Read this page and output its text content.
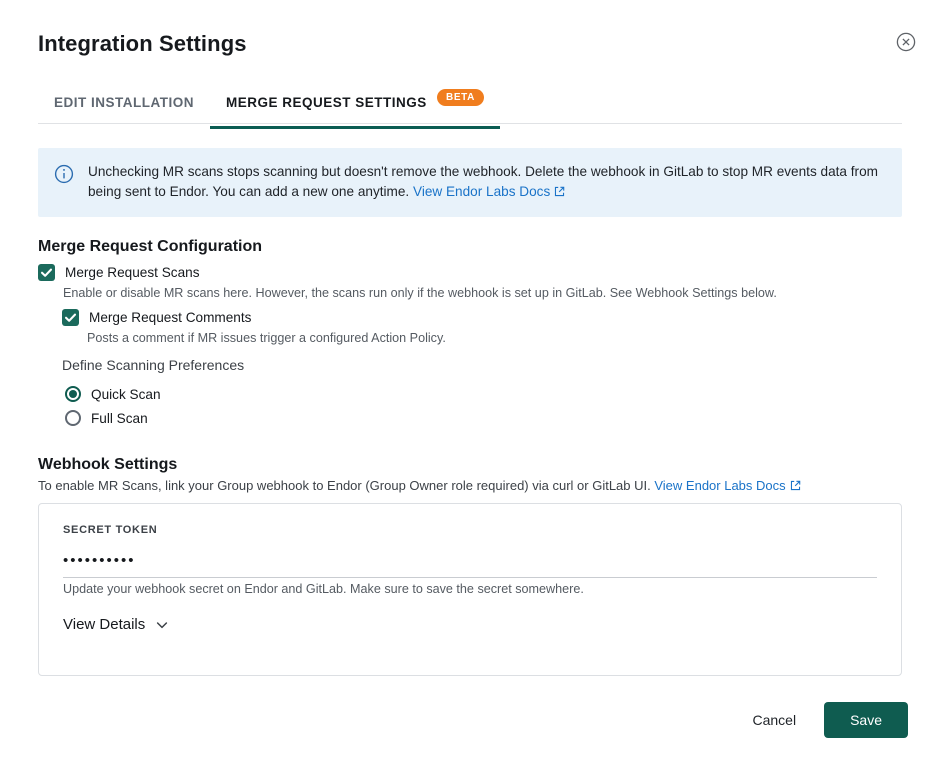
Integration Settings
EDIT INSTALLATION	MERGE REQUEST SETTINGS BETA
Unchecking MR scans stops scanning but doesn't remove the webhook. Delete the webhook in GitLab to stop MR events data from being sent to Endor. You can add a new one anytime. View Endor Labs Docs
Merge Request Configuration
Merge Request Scans
Enable or disable MR scans here. However, the scans run only if the webhook is set up in GitLab. See Webhook Settings below.
Merge Request Comments
Posts a comment if MR issues trigger a configured Action Policy.
Define Scanning Preferences
Quick Scan
Full Scan
Webhook Settings
To enable MR Scans, link your Group webhook to Endor (Group Owner role required) via curl or GitLab UI. View Endor Labs Docs
SECRET TOKEN
••••••••••
Update your webhook secret on Endor and GitLab. Make sure to save the secret somewhere.
View Details
Cancel	Save
